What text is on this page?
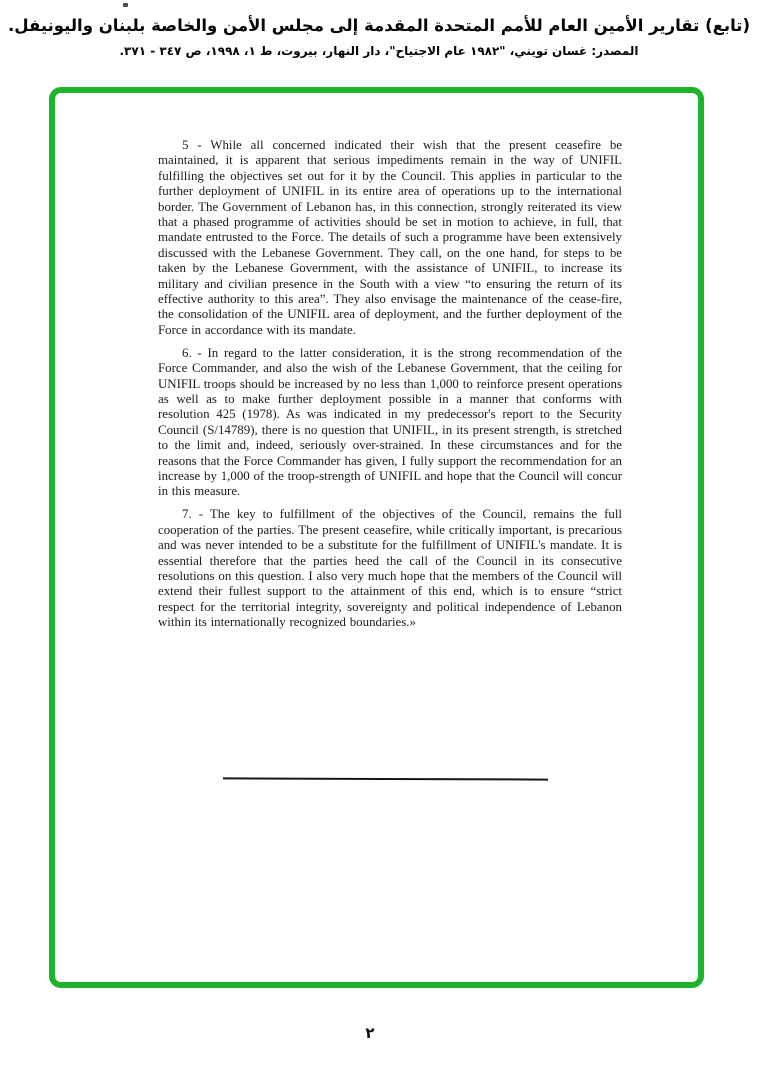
(تابع) تقارير الأمين العام للأمم المتحدة المقدمة إلى مجلس الأمن والخاصة بلبنان واليونيفل.
المصدر: غسان تويني، "١٩٨٢ عام الاجتياح"، دار النهار، بيروت، ط ١، ١٩٩٨، ص ٣٤٧ - ٣٧١.

5 - While all concerned indicated their wish that the present ceasefire be maintained, it is apparent that serious impediments remain in the way of UNIFIL fulfilling the objectives set out for it by the Council. This applies in particular to the further deployment of UNIFIL in its entire area of operations up to the international border. The Government of Lebanon has, in this connection, strongly reiterated its view that a phased programme of activities should be set in motion to achieve, in full, that mandate entrusted to the Force. The details of such a programme have been extensively discussed with the Lebanese Government. They call, on the one hand, for steps to be taken by the Lebanese Government, with the assistance of UNIFIL, to increase its military and civilian presence in the South with a view “to ensuring the return of its effective authority to this area”. They also envisage the maintenance of the cease-fire, the consolidation of the UNIFIL area of deployment, and the further deployment of the Force in accordance with its mandate.

6. - In regard to the latter consideration, it is the strong recommendation of the Force Commander, and also the wish of the Lebanese Government, that the ceiling for UNIFIL troops should be increased by no less than 1,000 to reinforce present operations as well as to make further deployment possible in a manner that conforms with resolution 425 (1978). As was indicated in my predecessor's report to the Security Council (S/14789), there is no question that UNIFIL, in its present strength, is stretched to the limit and, indeed, seriously over-strained. In these circumstances and for the reasons that the Force Commander has given, I fully support the recommendation for an increase by 1,000 of the troop-strength of UNIFIL and hope that the Council will concur in this measure.

7. - The key to fulfillment of the objectives of the Council, remains the full cooperation of the parties. The present ceasefire, while critically important, is precarious and was never intended to be a substitute for the fulfillment of UNIFIL's mandate. It is essential therefore that the parties heed the call of the Council in its consecutive resolutions on this question. I also very much hope that the members of the Council will extend their fullest support to the attainment of this end, which is to ensure “strict respect for the territorial integrity, sovereignty and political independence of Lebanon within its internationally recognized boundaries.»

٢
